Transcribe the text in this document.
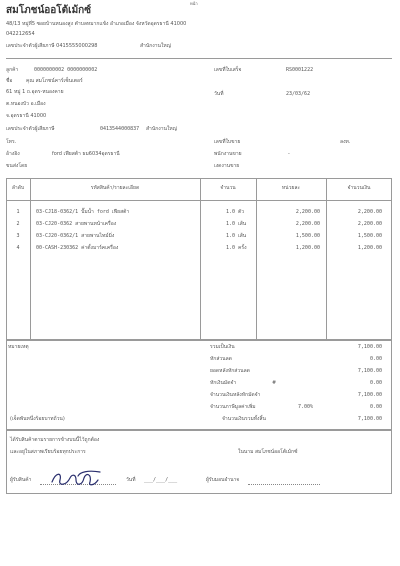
หน้า
สมโภชน์ออโต้เม้กซ์
48/13 หมู่ที่5 ซอยบ้านหนองสูง ตำบลหมากแข้ง อำเภอเมือง จังหวัดอุดรธานี 41000
042212654
เลขประจำตัวผู้เสียภาษี 0415555000298	สำนักงานใหญ่
ลูกค้า	0000000002 0000000002
ชื่อ	คุณ สมโภชน์คาร์เซ็นเตอร์
61 หมู่ 1 ถ.อุดร-หนองคาย
ต.หนองบัว อ.เมือง
จ.อุดรธานี 41000
เลขประจำตัวผู้เสียภาษี	0413544000837 สำนักงานใหญ่
โทร.
อ้างอิง	ford เฟียสต้า ธม6034อุดรธานี
ขนส่งโดย
เลขที่ใบเสร็จ	RS0001222
วันที่	23/03/62
เลขที่ใบขาย	ลงท.
พนักงานขาย	-
เงดงานขาย
ลำดับ	รหัสสินค้า/รายละเอียด	จำนวน	หน่วยละ	จำนวนเงิน
1	03-CJ18-0362/1 ปั๊มน้ำ ford เฟียสต้า	1.0 ตัว	2,200.00	2,200.00
2	03-CJ20-0362 สายพานหน้าเครื่อง	1.0 เส้น	2,200.00	2,200.00
3	03-CJ20-0362/1 สายพานไทม์มิ่ง	1.0 เส้น	1,500.00	1,500.00
4	00-CASH-230362 ค่าตั้งมาร์คเครื่อง	1.0 ครั้ง	1,200.00	1,200.00
หมายเหตุ
(เจ็ดพันหนึ่งร้อยบาทถ้วน)
รวมเป็นเงิน	7,100.00
หักส่วนลด	0.00
ยอดหลังหักส่วนลด	7,100.00
หักเงินมัดจำ	#	0.00
จำนวนเงินหลังหักมัดจำ	7,100.00
จำนวนภาษีมูลค่าเพิ่ม	7.00%	0.00
จำนวนเงินรวมทั้งสิ้น	7,100.00
ได้รับสินค้าตามรายการข้างบนนี้ไว้ถูกต้อง
และอยู่ในสภาพเรียบร้อยทุกประการ	ในนาม สมโภชน์ออโต้เม้กซ์
ผู้รับสินค้า	วันที่ ___/___/___	ผู้รับมอบอำนาจ
